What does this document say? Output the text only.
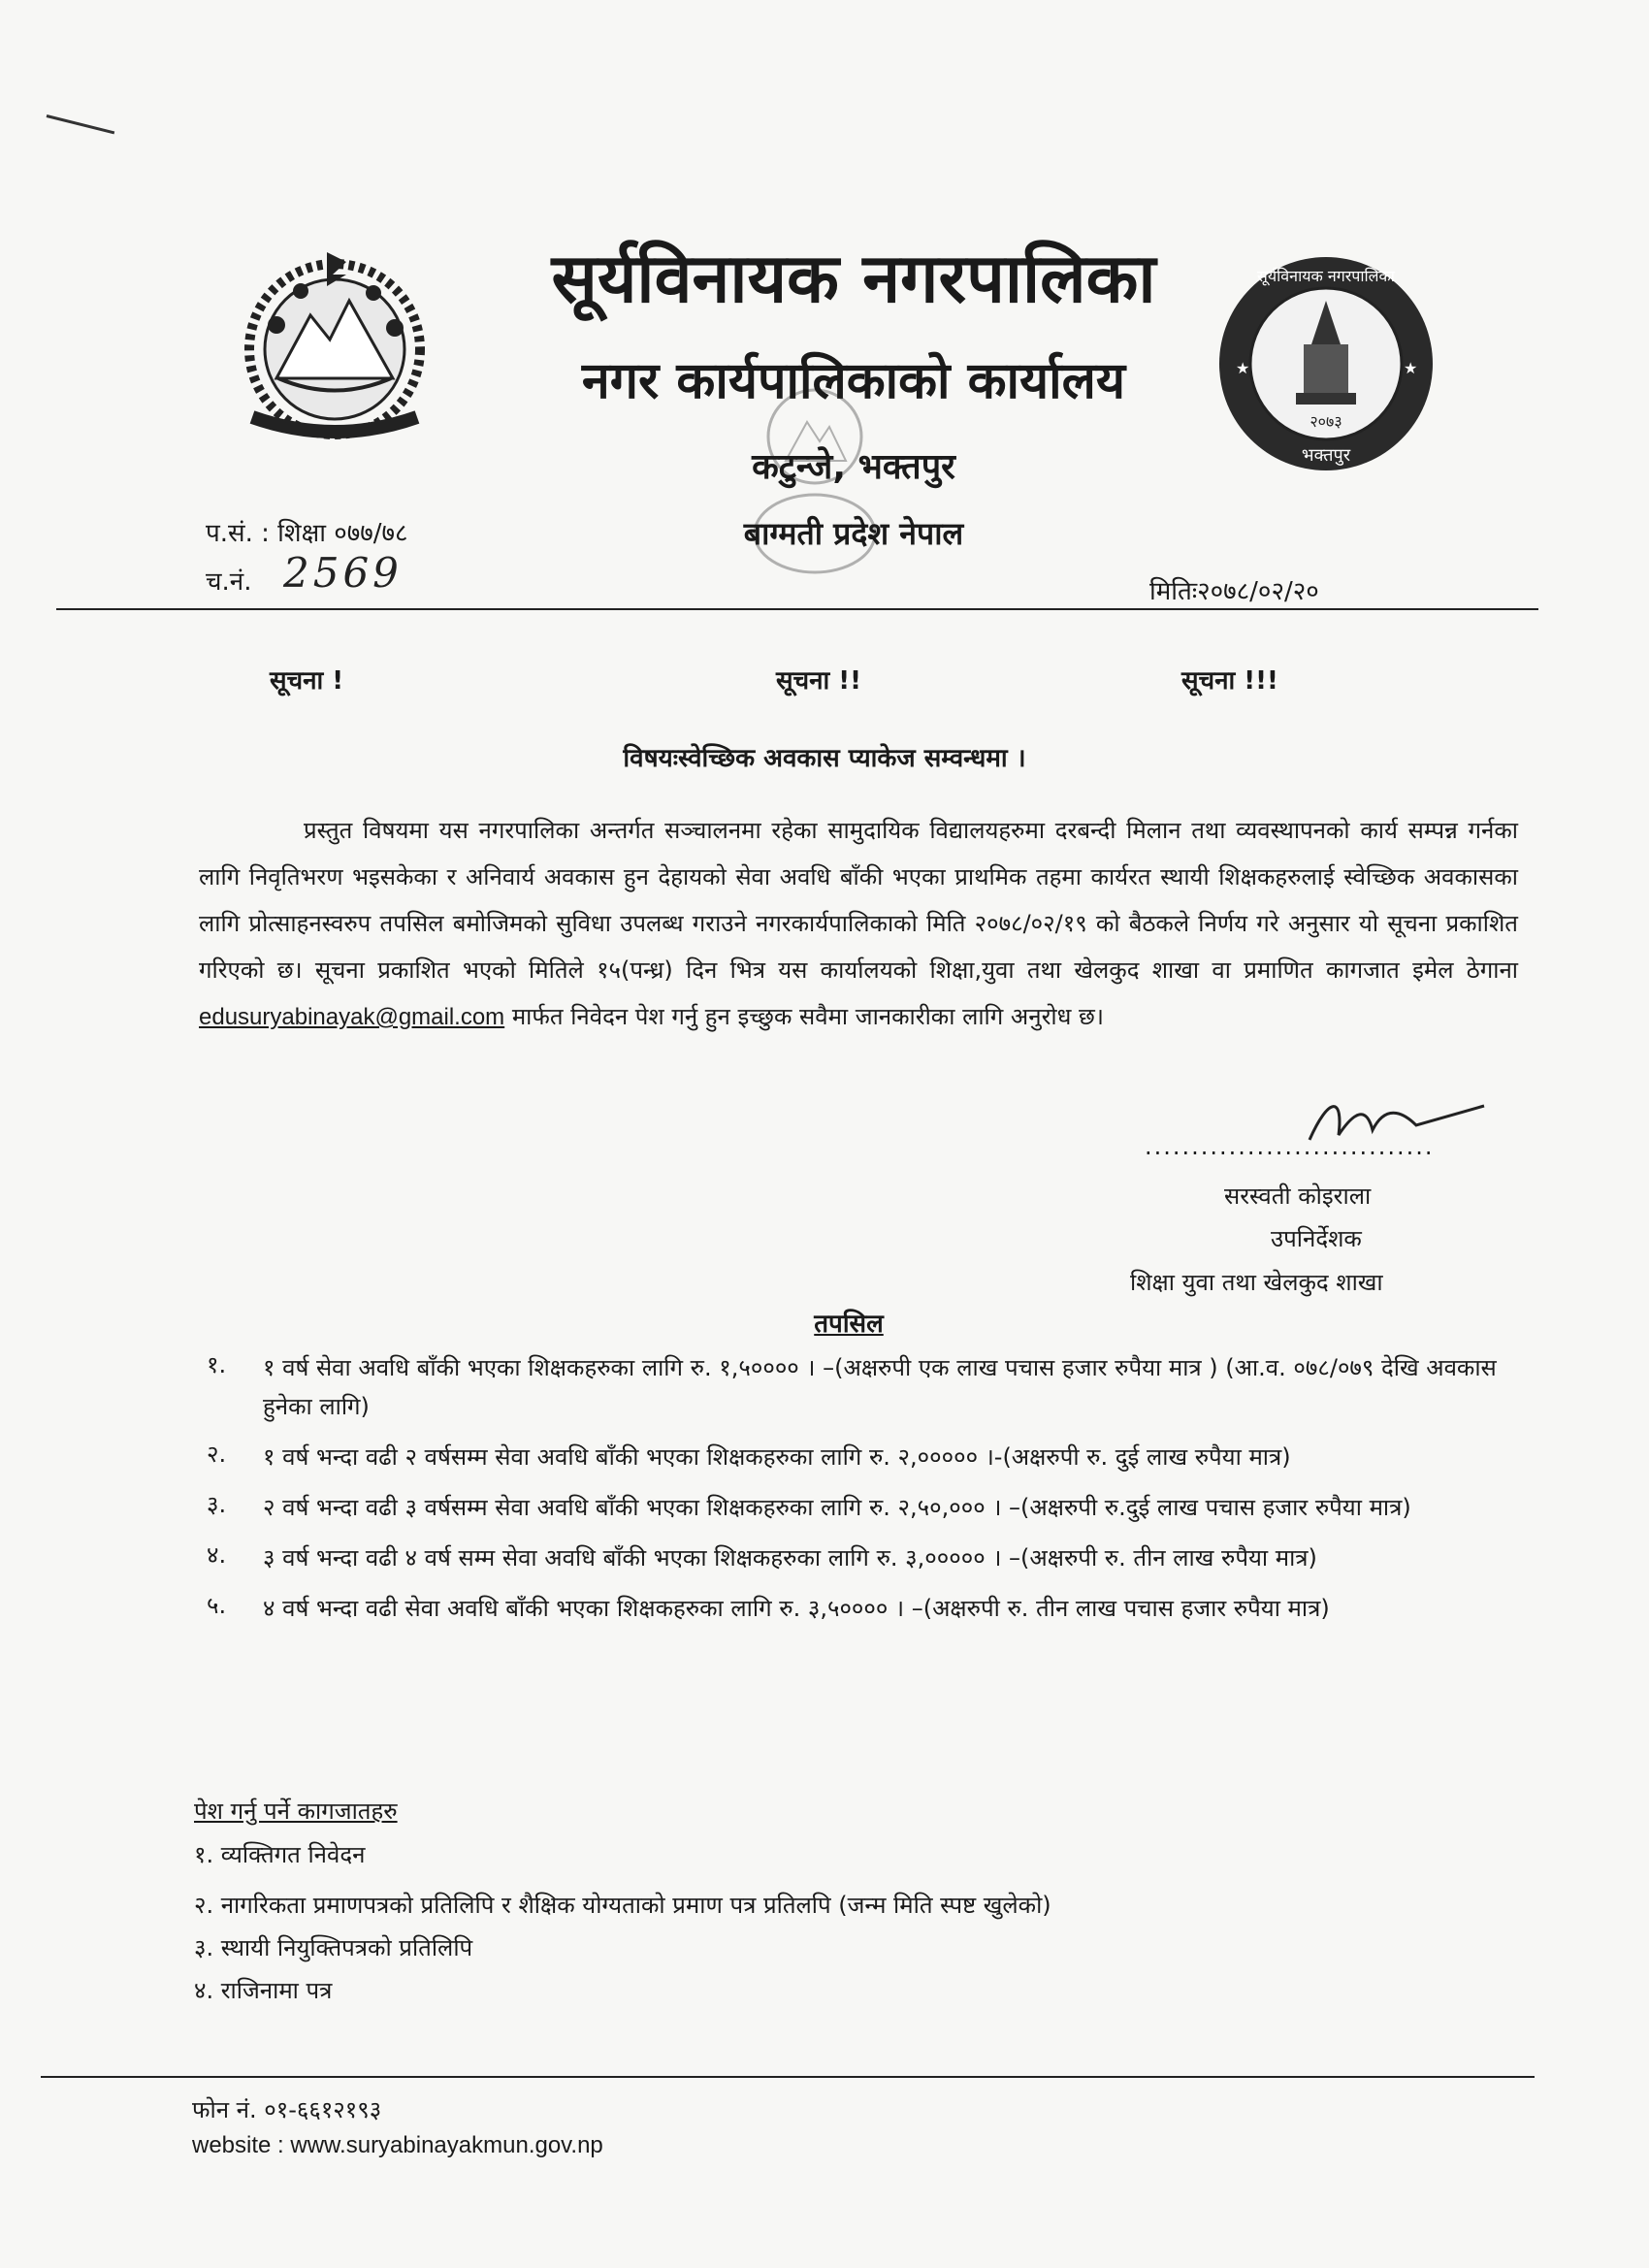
२०७३
भक्तपुर
सूर्यविनायक नगरपालिका
★	★
सूर्यविनायक नगरपालिका
नगर कार्यपालिकाको कार्यालय
कटुन्जे, भक्तपुर
बाग्मती प्रदेश नेपाल
प.सं. : शिक्षा ०७७/७८
च.नं. 2569	मितिः२०७८/०२/२०
सूचना !	सूचना !!	सूचना !!!
विषयःस्वेच्छिक अवकास प्याकेज सम्वन्धमा ।
प्रस्तुत विषयमा यस नगरपालिका अन्तर्गत सञ्चालनमा रहेका सामुदायिक विद्यालयहरुमा दरबन्दी मिलान तथा व्यवस्थापनको कार्य सम्पन्न गर्नका लागि निवृतिभरण भइसकेका र अनिवार्य अवकास हुन देहायको सेवा अवधि बाँकी भएका प्राथमिक तहमा कार्यरत स्थायी शिक्षकहरुलाई स्वेच्छिक अवकासका लागि प्रोत्साहनस्वरुप तपसिल बमोजिमको सुविधा उपलब्ध गराउने नगरकार्यपालिकाको मिति २०७८/०२/१९ को बैठकले निर्णय गरे अनुसार यो सूचना प्रकाशित गरिएको छ। सूचना प्रकाशित भएको मितिले १५(पन्ध्र) दिन भित्र यस कार्यालयको शिक्षा,युवा तथा खेलकुद शाखा वा प्रमाणित कागजात इमेल ठेगाना edusuryabinayak@gmail.com मार्फत निवेदन पेश गर्नु हुन इच्छुक सवैमा जानकारीका लागि अनुरोध छ।
...............................
सरस्वती कोइराला
उपनिर्देशक
शिक्षा युवा तथा खेलकुद शाखा
तपसिल
१.	१ वर्ष सेवा अवधि बाँकी भएका शिक्षकहरुका लागि रु. १,५०००० । –(अक्षरुपी एक लाख पचास हजार रुपैया मात्र ) (आ.व. ०७८/०७९ देखि अवकास हुनेका लागि)
२.	१ वर्ष भन्दा वढी २ वर्षसम्म सेवा अवधि बाँकी भएका शिक्षकहरुका लागि रु. २,००००० ।-(अक्षरुपी रु. दुई लाख रुपैया मात्र)
३.	२ वर्ष भन्दा वढी ३ वर्षसम्म सेवा अवधि बाँकी भएका शिक्षकहरुका लागि रु. २,५०,००० । –(अक्षरुपी रु.दुई लाख पचास हजार रुपैया मात्र)
४.	३ वर्ष भन्दा वढी ४ वर्ष सम्म सेवा अवधि बाँकी भएका शिक्षकहरुका लागि रु. ३,००००० । –(अक्षरुपी रु. तीन लाख रुपैया मात्र)
५.	४ वर्ष भन्दा वढी सेवा अवधि बाँकी भएका शिक्षकहरुका लागि रु. ३,५०००० । –(अक्षरुपी रु. तीन लाख पचास हजार रुपैया मात्र)
पेश गर्नु पर्ने कागजातहरु
१. व्यक्तिगत निवेदन
२. नागरिकता प्रमाणपत्रको प्रतिलिपि र शैक्षिक योग्यताको प्रमाण पत्र प्रतिलपि (जन्म मिति स्पष्ट खुलेको)
३. स्थायी नियुक्तिपत्रको प्रतिलिपि
४. राजिनामा पत्र
फोन नं. ०१-६६१२१९३
website : www.suryabinayakmun.gov.np
